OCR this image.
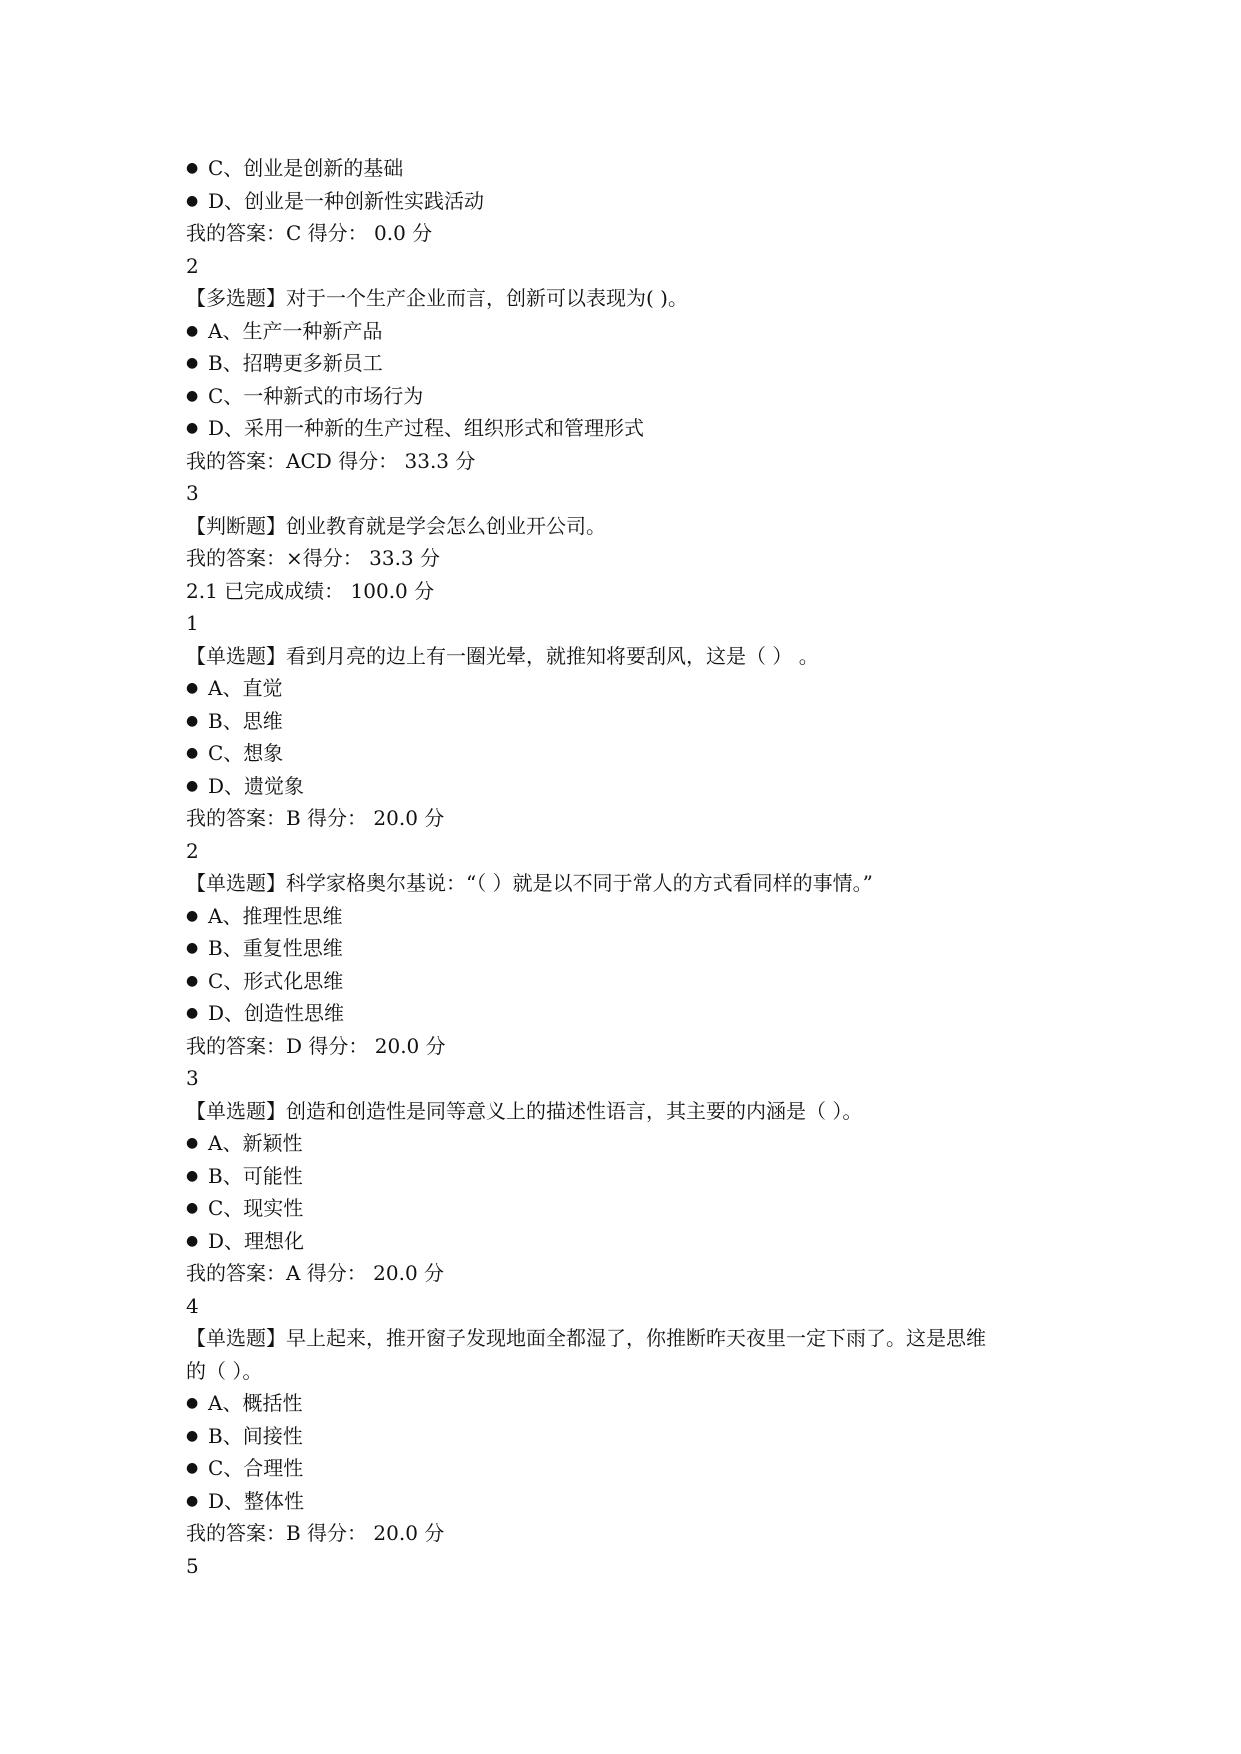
● C、创业是创新的基础
● D、创业是一种创新性实践活动
我的答案：C 得分： 0.0 分
2
【多选题】对于一个生产企业而言，创新可以表现为( )。
● A、生产一种新产品
● B、招聘更多新员工
● C、一种新式的市场行为
● D、采用一种新的生产过程、组织形式和管理形式
我的答案：ACD 得分： 33.3 分
3
【判断题】创业教育就是学会怎么创业开公司。
我的答案：×得分： 33.3 分
2.1 已完成成绩： 100.0 分
1
【单选题】看到月亮的边上有一圈光晕，就推知将要刮风，这是（ ） 。
● A、直觉
● B、思维
● C、想象
● D、遗觉象
我的答案：B 得分： 20.0 分
2
【单选题】科学家格奥尔基说：“（ ）就是以不同于常人的方式看同样的事情。”
● A、推理性思维
● B、重复性思维
● C、形式化思维
● D、创造性思维
我的答案：D 得分： 20.0 分
3
【单选题】创造和创造性是同等意义上的描述性语言，其主要的内涵是（ ）。
● A、新颖性
● B、可能性
● C、现实性
● D、理想化
我的答案：A 得分： 20.0 分
4
【单选题】早上起来，推开窗子发现地面全都湿了，你推断昨天夜里一定下雨了。这是思维
的（ ）。
● A、概括性
● B、间接性
● C、合理性
● D、整体性
我的答案：B 得分： 20.0 分
5
